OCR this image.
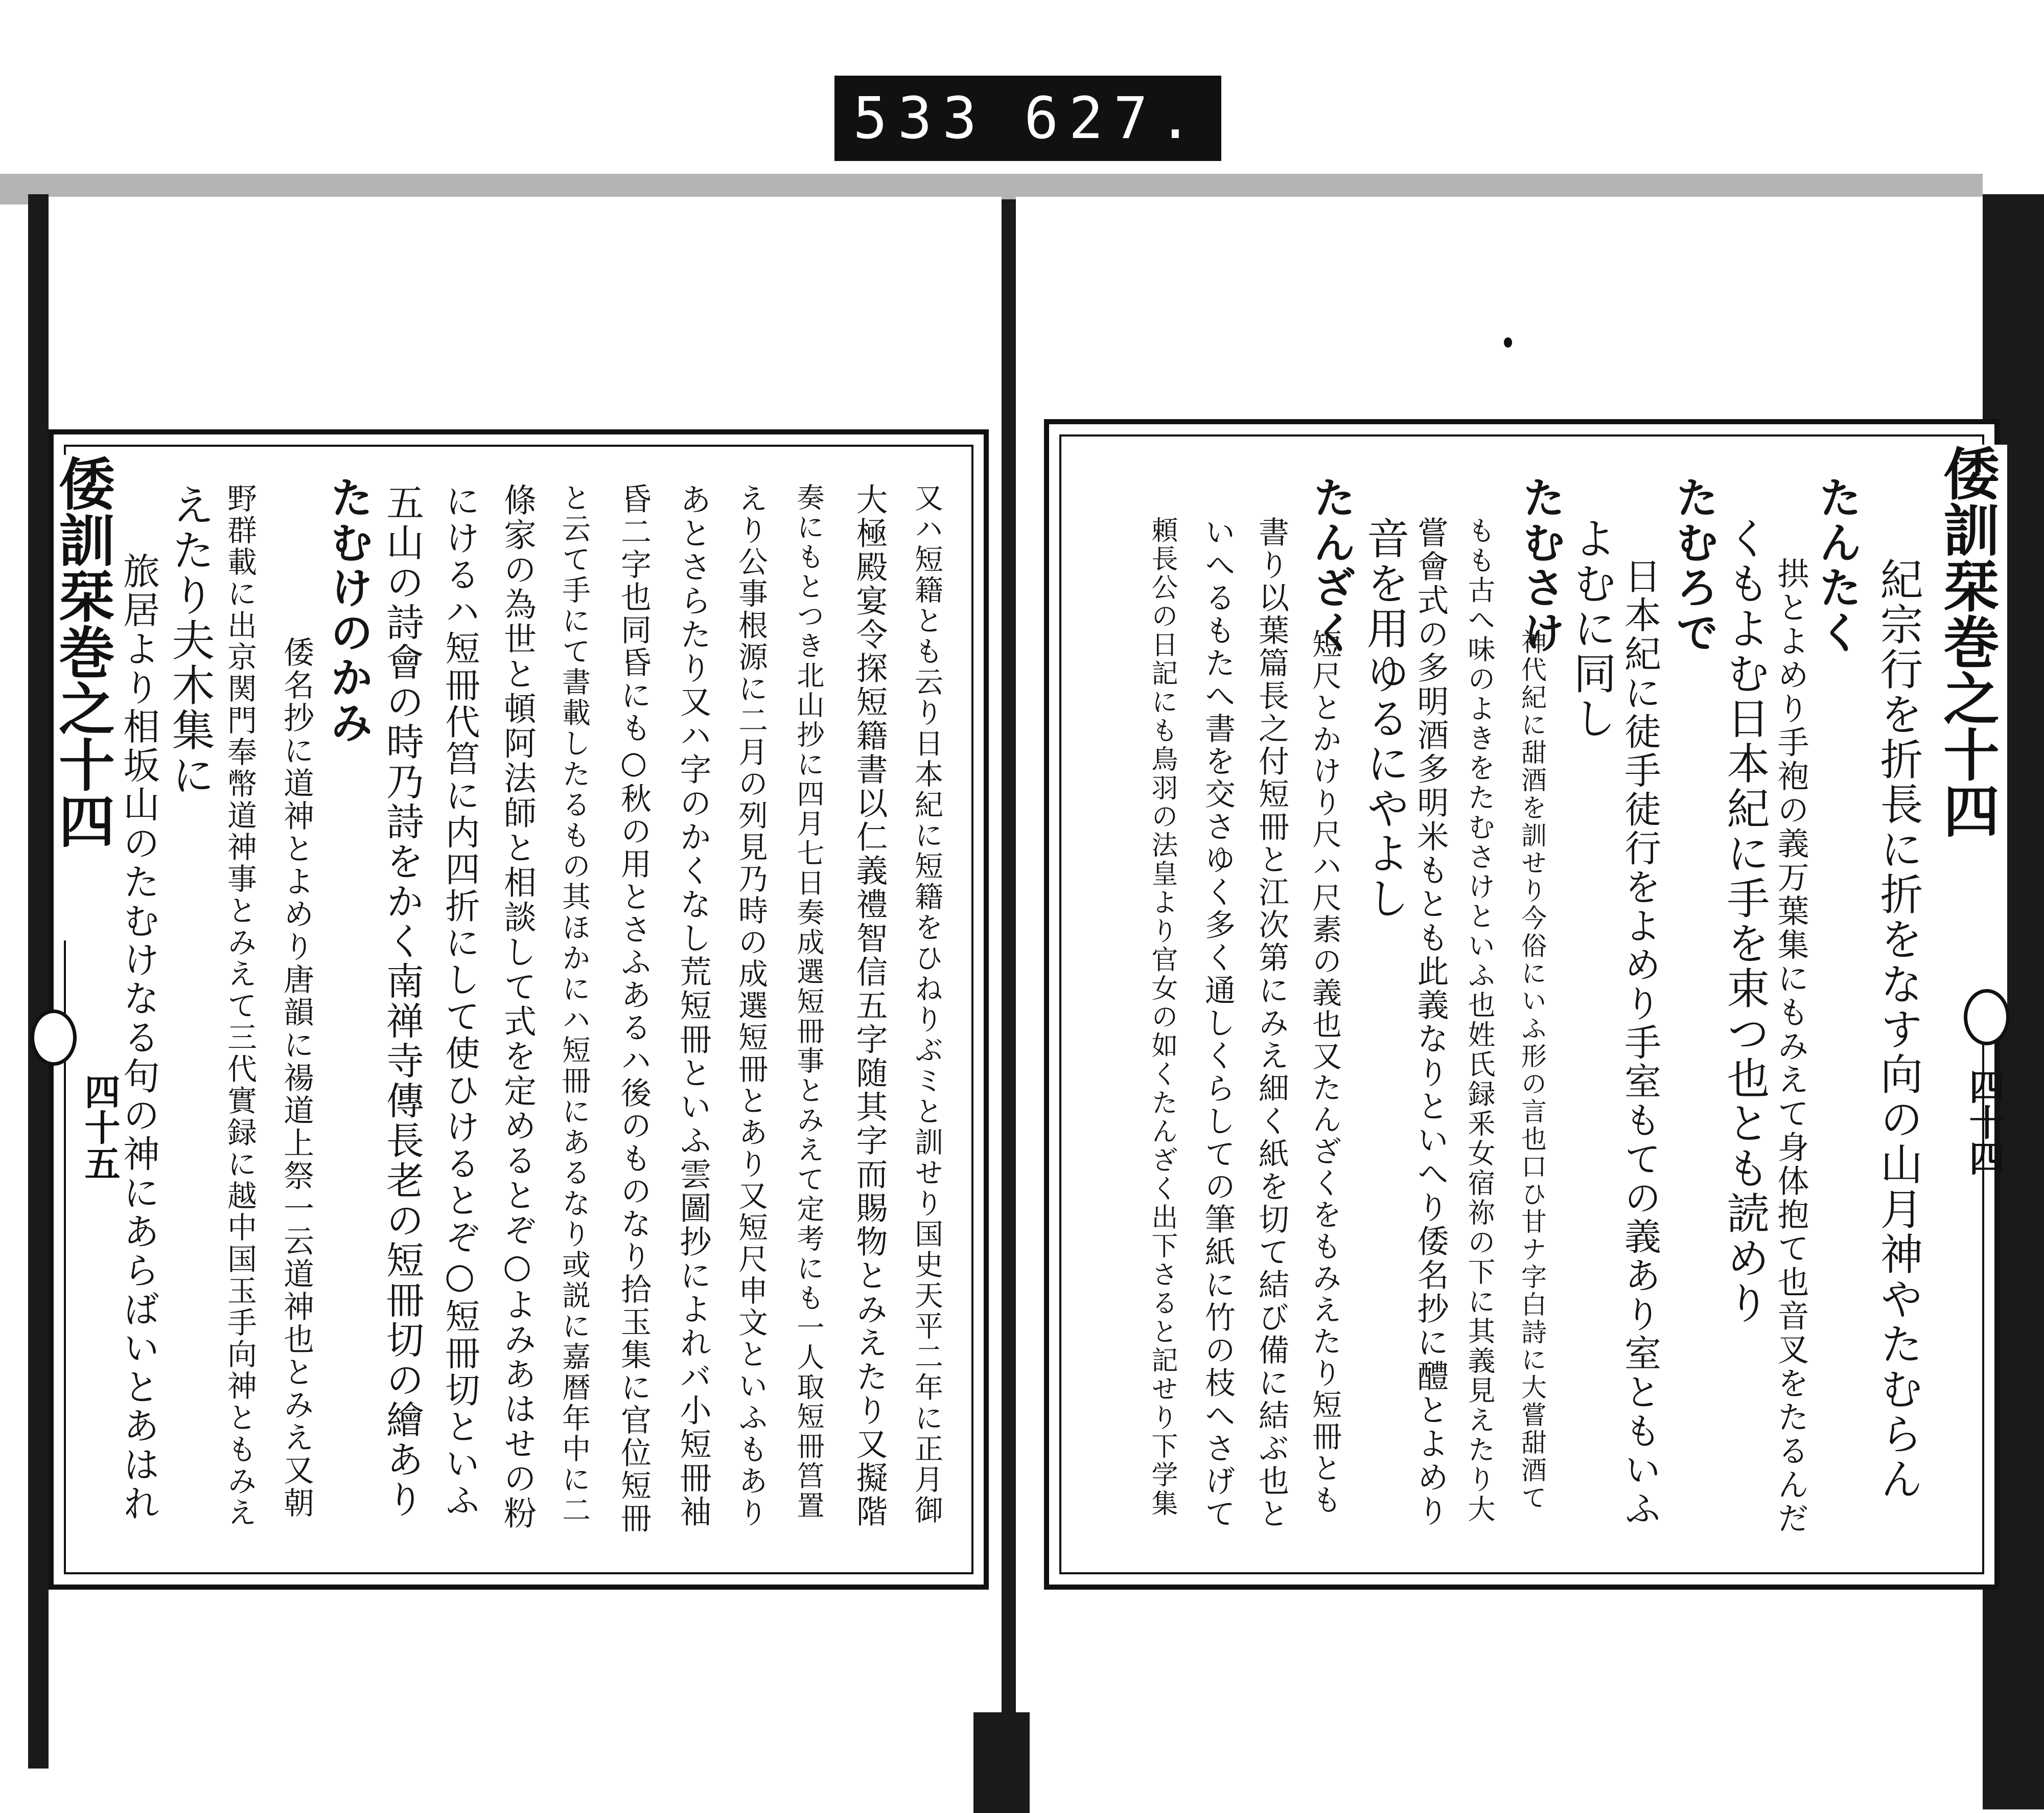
533 627.
倭訓栞巻之十四
四十五	又ハ短籍とも云り日本紀に短籍をひねりぶミと訓せり国史天平二年に正月御
大極殿宴令探短籍書以仁義禮智信五字随其字而賜物とみえたり又擬階
奏にもとつき北山抄に四月七日奏成選短冊事とみえて定考にも一人取短冊筥置
えり公事根源に二月の列見乃時の成選短冊とあり又短尺申文といふもあり
あとさらたり又ハ字のかくなし荒短冊といふ雲圖抄によれバ小短冊袖
昏二字也同昏にも○秋の用とさふあるハ後のものなり拾玉集に官位短冊
と云て手にて書載したるもの其ほかにハ短冊にあるなり或説に嘉暦年中に二
條家の為世と頓阿法師と相談して式を定めるとぞ○よみあはせの粉
にけるハ短冊代筥に内四折にして使ひけるとぞ○短冊切といふ
五山の詩會の時乃詩をかく南禅寺傳長老の短冊切の繪あり
たむけのかみ
倭名抄に道神とよめり唐韻に禓道上祭一云道神也とみえ又朝
野群載に出京関門奉幣道神事とみえて三代實録に越中国玉手向神ともみえ
えたり夫木集に
旅居より相坂山のたむけなる句の神にあらばいとあはれ
倭訓栞巻之十四
四十四
紀宗行を折長に折をなす向の山月神やたむらん
たんたく
拱とよめり手袍の義万葉集にもみえて身体抱て也音叉をたるんだ
くもよむ日本紀に手を束つ也とも読めり
たむろで
日本紀に徒手徒行をよめり手室もての義あり室ともいふ
よむに同し
たむさけ
神代紀に甜酒を訓せり今俗にいふ形の言也口ひ甘ナ字白詩に大嘗甜酒て
もも古へ味のよきをたむさけといふ也姓氏録釆女宿祢の下に其義見えたり大
嘗會式の多明酒多明米もとも此義なりといへり倭名抄に醴とよめり
音を用ゆるにやよし
たんざく
短尺とかけり尺ハ尺素の義也又たんざくをもみえたり短冊とも
書り以葉篇長之付短冊と江次第にみえ細く紙を切て結び備に結ぶ也と
いへるもたへ書を交さゆく多く通しくらしての筆紙に竹の枝へさげて
頼長公の日記にも鳥羽の法皇より官女の如くたんざく出下さると記せり下学集
